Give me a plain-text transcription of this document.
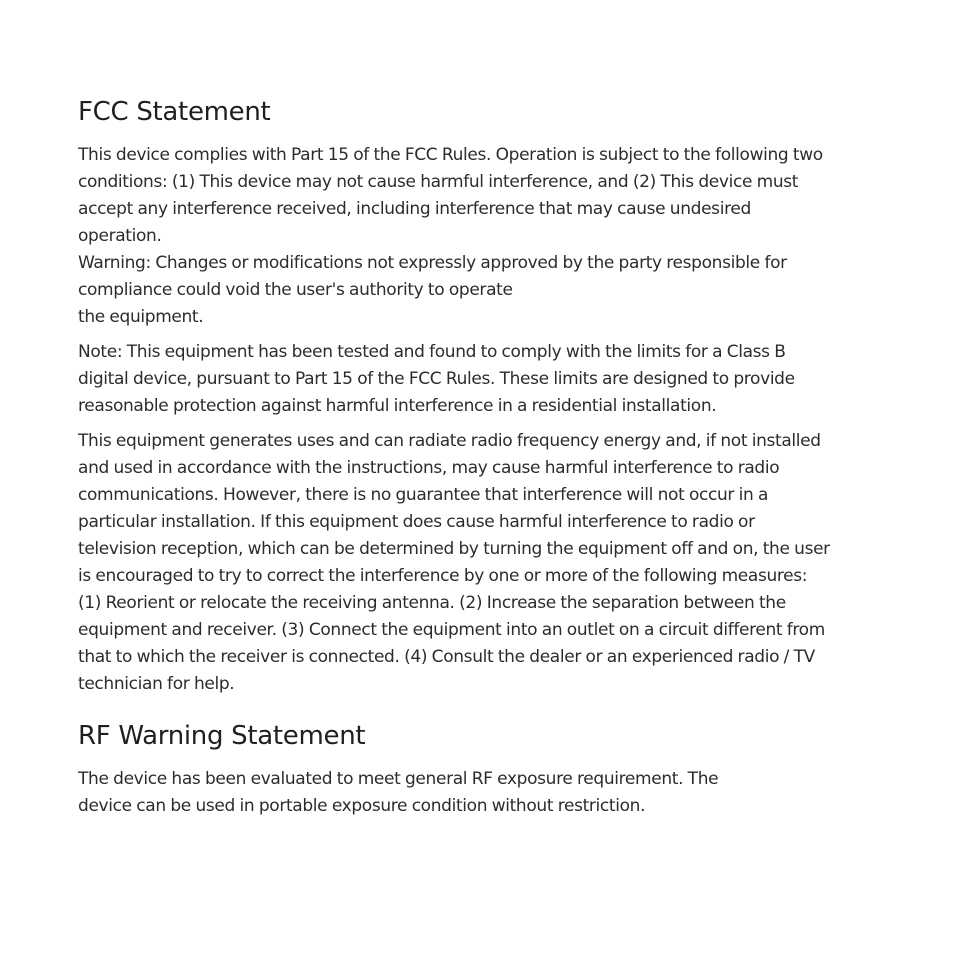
FCC Statement

This device complies with Part 15 of the FCC Rules. Operation is subject to the following two
conditions: (1) This device may not cause harmful interference, and (2) This device must
accept any interference received, including interference that may cause undesired
operation.
Warning: Changes or modifications not expressly approved by the party responsible for
compliance could void the user's authority to operate
the equipment.

Note: This equipment has been tested and found to comply with the limits for a Class B
digital device, pursuant to Part 15 of the FCC Rules. These limits are designed to provide
reasonable protection against harmful interference in a residential installation.

This equipment generates uses and can radiate radio frequency energy and, if not installed
and used in accordance with the instructions, may cause harmful interference to radio
communications. However, there is no guarantee that interference will not occur in a
particular installation. If this equipment does cause harmful interference to radio or
television reception, which can be determined by turning the equipment off and on, the user
is encouraged to try to correct the interference by one or more of the following measures:
(1) Reorient or relocate the receiving antenna. (2) Increase the separation between the
equipment and receiver. (3) Connect the equipment into an outlet on a circuit different from
that to which the receiver is connected. (4) Consult the dealer or an experienced radio / TV
technician for help.

RF Warning Statement

The device has been evaluated to meet general RF exposure requirement. The
device can be used in portable exposure condition without restriction.
